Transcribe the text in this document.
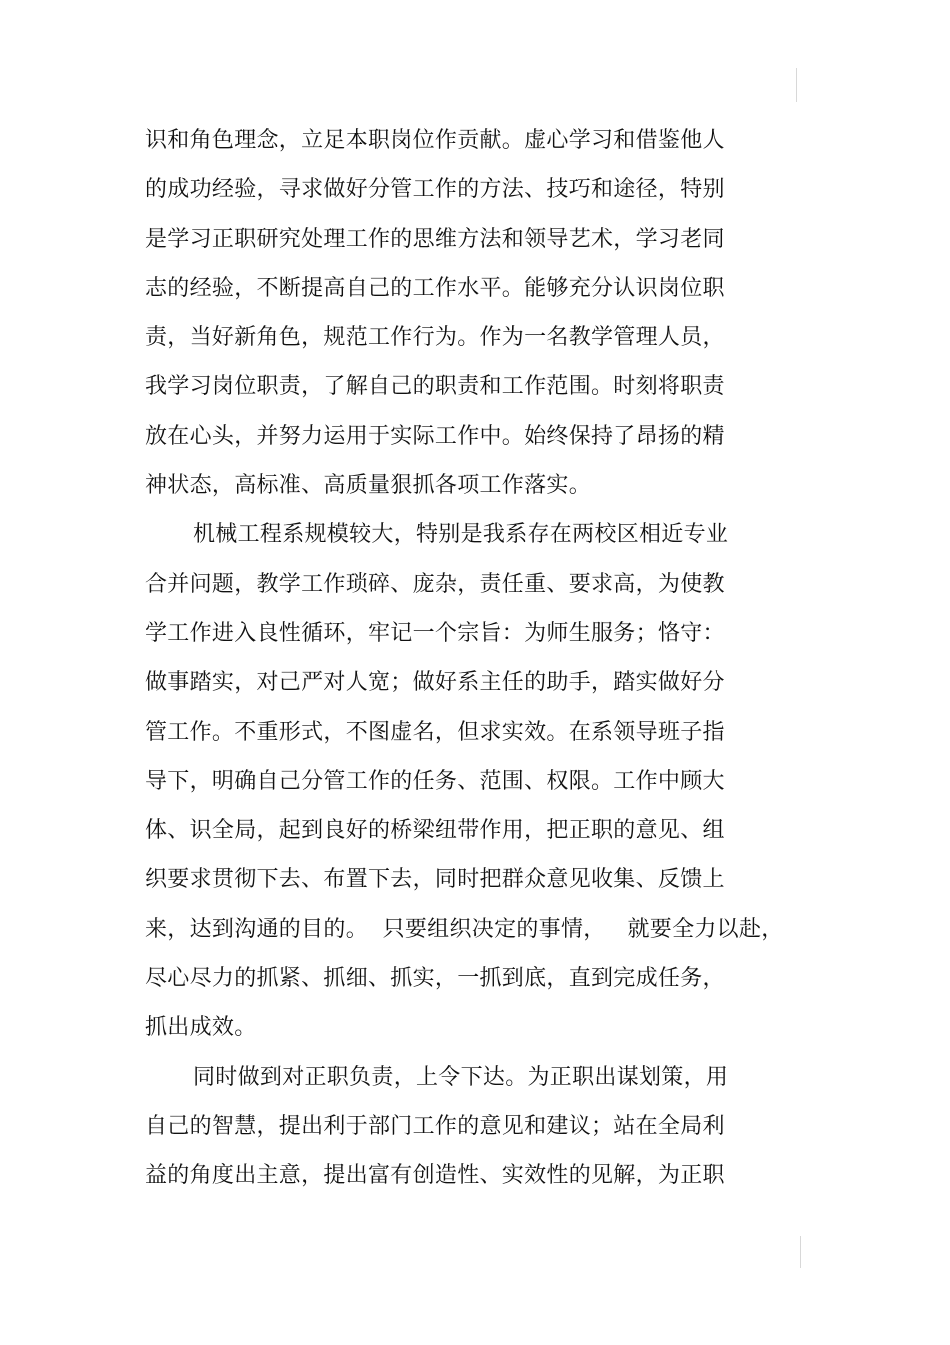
识和角色理念，立足本职岗位作贡献。虚心学习和借鉴他人
的成功经验，寻求做好分管工作的方法、技巧和途径，特别
是学习正职研究处理工作的思维方法和领导艺术，学习老同
志的经验，不断提高自己的工作水平。能够充分认识岗位职
责，当好新角色，规范工作行为。作为一名教学管理人员，
我学习岗位职责，了解自己的职责和工作范围。时刻将职责
放在心头，并努力运用于实际工作中。始终保持了昂扬的精
神状态，高标准、高质量狠抓各项工作落实。
机械工程系规模较大，特别是我系存在两校区相近专业
合并问题，教学工作琐碎、庞杂，责任重、要求高，为使教
学工作进入良性循环，牢记一个宗旨：为师生服务；恪守：
做事踏实，对己严对人宽；做好系主任的助手，踏实做好分
管工作。不重形式，不图虚名，但求实效。在系领导班子指
导下，明确自己分管工作的任务、范围、权限。工作中顾大
体、识全局，起到良好的桥梁纽带作用，把正职的意见、组
织要求贯彻下去、布置下去，同时把群众意见收集、反馈上
来，达到沟通的目的。  只要组织决定的事情，   就要全力以赴，
尽心尽力的抓紧、抓细、抓实，一抓到底，直到完成任务，
抓出成效。
同时做到对正职负责，上令下达。为正职出谋划策，用
自己的智慧，提出利于部门工作的意见和建议；站在全局利
益的角度出主意，提出富有创造性、实效性的见解，为正职
